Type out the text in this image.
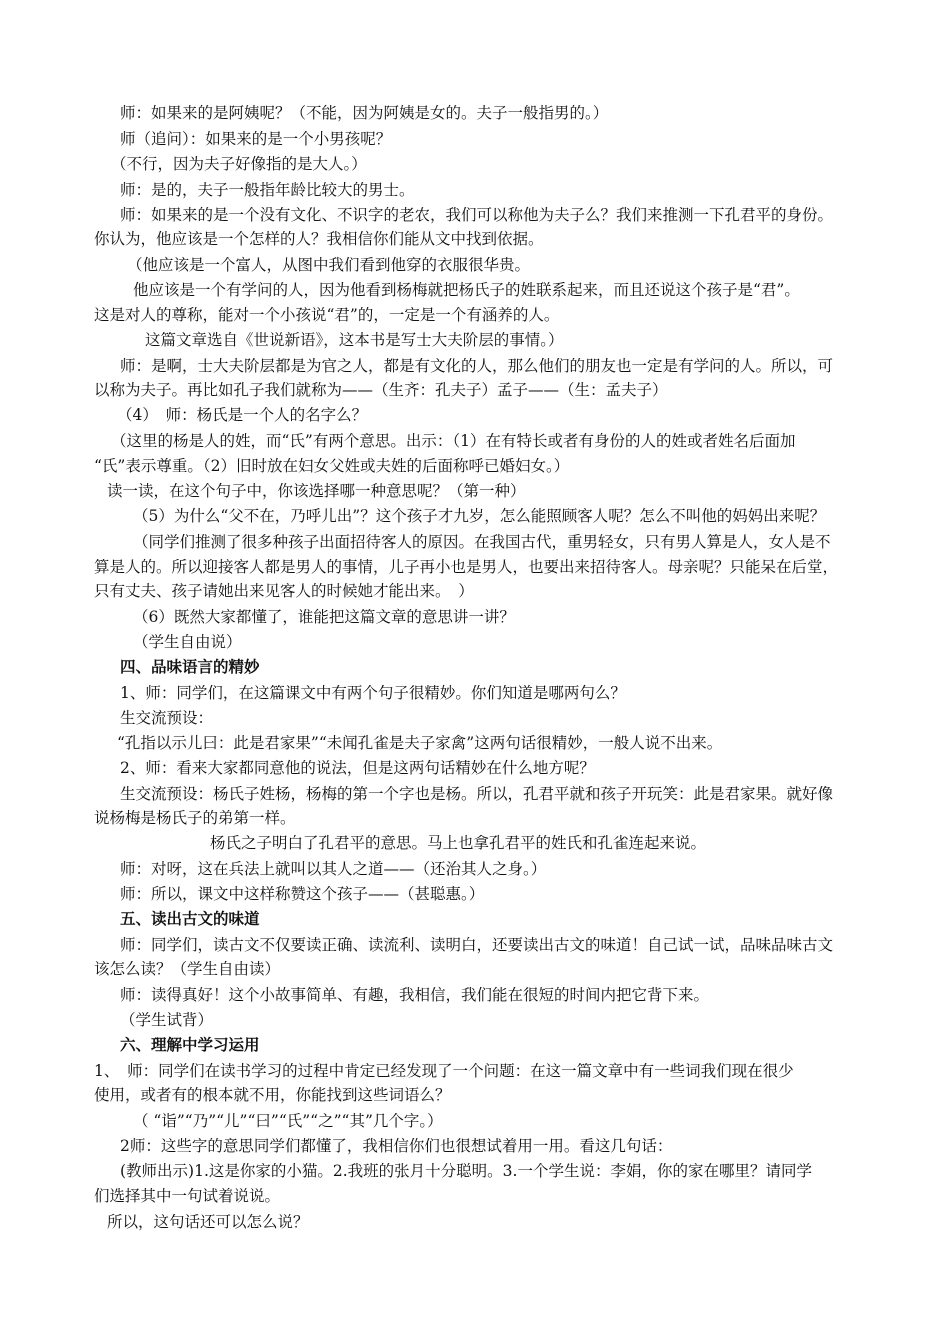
师：如果来的是阿姨呢？（不能，因为阿姨是女的。夫子一般指男的。）
师（追问）：如果来的是一个小男孩呢？
（不行，因为夫子好像指的是大人。）
师：是的，夫子一般指年龄比较大的男士。
师：如果来的是一个没有文化、不识字的老农，我们可以称他为夫子么？我们来推测一下孔君平的身份。
你认为，他应该是一个怎样的人？我相信你们能从文中找到依据。
（他应该是一个富人，从图中我们看到他穿的衣服很华贵。
他应该是一个有学问的人，因为他看到杨梅就把杨氏子的姓联系起来，而且还说这个孩子是“君”。
这是对人的尊称，能对一个小孩说“君”的，一定是一个有涵养的人。
这篇文章选自《世说新语》，这本书是写士大夫阶层的事情。）
师：是啊，士大夫阶层都是为官之人，都是有文化的人，那么他们的朋友也一定是有学问的人。所以，可
以称为夫子。再比如孔子我们就称为——（生齐：孔夫子）孟子——（生：孟夫子）
（4）　师：杨氏是一个人的名字么？
（这里的杨是人的姓，而“氏”有两个意思。出示：（1）在有特长或者有身份的人的姓或者姓名后面加
“氏”表示尊重。（2）旧时放在妇女父姓或夫姓的后面称呼已婚妇女。）
读一读，在这个句子中，你该选择哪一种意思呢？（第一种）
（5）为什么“父不在，乃呼儿出”？这个孩子才九岁，怎么能照顾客人呢？怎么不叫他的妈妈出来呢？
（同学们推测了很多种孩子出面招待客人的原因。在我国古代，重男轻女，只有男人算是人，女人是不
算是人的。所以迎接客人都是男人的事情，儿子再小也是男人，也要出来招待客人。母亲呢？只能呆在后堂，
只有丈夫、孩子请她出来见客人的时候她才能出来。　）
（6）既然大家都懂了，谁能把这篇文章的意思讲一讲？
（学生自由说）
四、品味语言的精妙
1、师：同学们，在这篇课文中有两个句子很精妙。你们知道是哪两句么？
生交流预设：
“孔指以示儿曰：此是君家果”“未闻孔雀是夫子家禽”这两句话很精妙，一般人说不出来。
2、师：看来大家都同意他的说法，但是这两句话精妙在什么地方呢？
生交流预设：杨氏子姓杨，杨梅的第一个字也是杨。所以，孔君平就和孩子开玩笑：此是君家果。就好像
说杨梅是杨氏子的弟第一样。
杨氏之子明白了孔君平的意思。马上也拿孔君平的姓氏和孔雀连起来说。
师：对呀，这在兵法上就叫以其人之道——（还治其人之身。）
师：所以，课文中这样称赞这个孩子——（甚聪惠。）
五、读出古文的味道
师：同学们，读古文不仅要读正确、读流利、读明白，还要读出古文的味道！自己试一试，品味品味古文
该怎么读？（学生自由读）
师：读得真好！这个小故事简单、有趣，我相信，我们能在很短的时间内把它背下来。
（学生试背）
六、理解中学习运用
1、　师：同学们在读书学习的过程中肯定已经发现了一个问题：在这一篇文章中有一些词我们现在很少
使用，或者有的根本就不用，你能找到这些词语么？
（ “诣”“乃”“儿”“曰”“氏”“之”“其”几个字。）
2师：这些字的意思同学们都懂了，我相信你们也很想试着用一用。看这几句话：
(教师出示)1.这是你家的小猫。2.我班的张月十分聪明。3.一个学生说：李娟，你的家在哪里？请同学
们选择其中一句试着说说。
所以，这句话还可以怎么说？
